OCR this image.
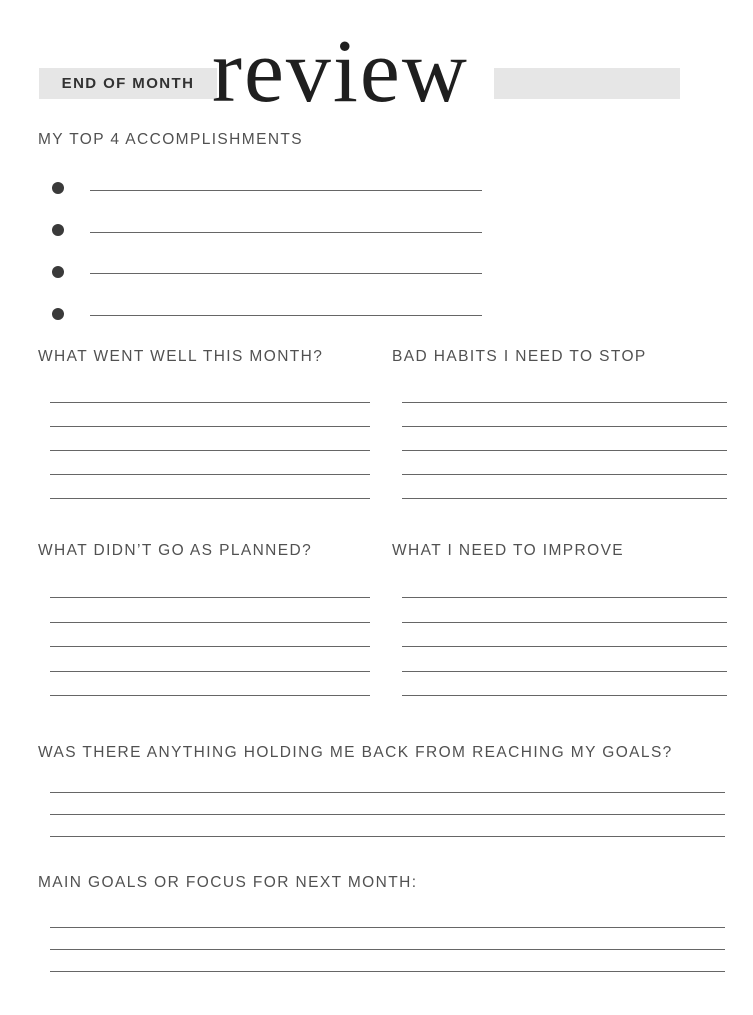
END OF MONTH review
MY TOP 4 ACCOMPLISHMENTS
WHAT WENT WELL THIS MONTH?	BAD HABITS I NEED TO STOP
WHAT DIDN’T GO AS PLANNED?	WHAT I NEED TO IMPROVE
WAS THERE ANYTHING HOLDING ME BACK FROM REACHING MY GOALS?
MAIN GOALS OR FOCUS FOR NEXT MONTH:
